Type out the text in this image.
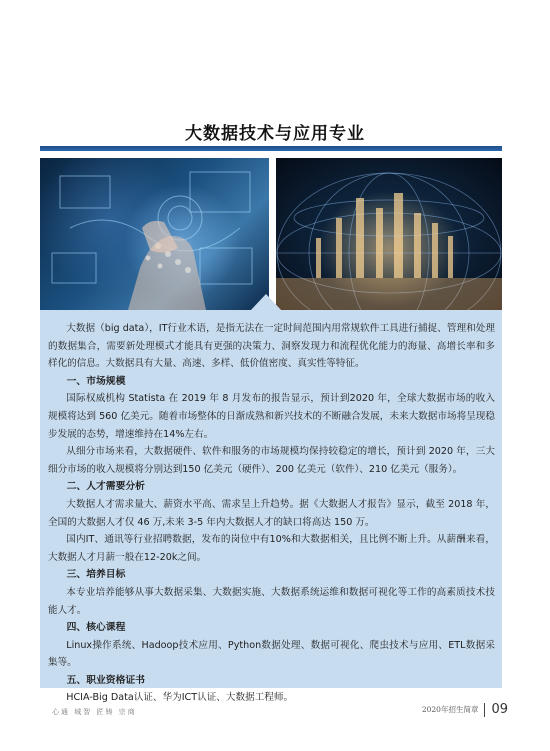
大数据技术与应用专业

大数据（big data），IT行业术语，是指无法在一定时间范围内用常规软件工具进行捕捉、管理和处理的数据集合，需要新处理模式才能具有更强的决策力、洞察发现力和流程优化能力的海量、高增长率和多样化的信息。大数据具有大量、高速、多样、低价值密度、真实性等特征。

一、市场规模

国际权威机构 Statista 在 2019 年 8 月发布的报告显示，预计到2020 年，全球大数据市场的收入规模将达到 560 亿美元。随着市场整体的日渐成熟和新兴技术的不断融合发展，未来大数据市场将呈现稳步发展的态势，增速维持在14%左右。

从细分市场来看，大数据硬件、软件和服务的市场规模均保持较稳定的增长，预计到 2020 年，三大细分市场的收入规模将分别达到150 亿美元（硬件）、200 亿美元（软件）、210 亿美元（服务）。

二、人才需要分析

大数据人才需求量大、薪资水平高、需求呈上升趋势。据《大数据人才报告》显示，截至 2018 年，全国的大数据人才仅 46 万,未来 3-5 年内大数据人才的缺口将高达 150 万。

国内IT、通讯等行业招聘数据，发布的岗位中有10%和大数据相关，且比例不断上升。从薪酬来看，大数据人才月薪一般在12-20k之间。

三、培养目标

本专业培养能够从事大数据采集、大数据实施、大数据系统运维和数据可视化等工作的高素质技术技能人才。

四、核心课程

Linux操作系统、Hadoop技术应用、Python数据处理、数据可视化、爬虫技术与应用、ETL数据采集等。

五、职业资格证书

HCIA-Big Data认证、华为ICT认证、大数据工程师。

心通 城智 匠铸 宗商	2020年招生简章 09
